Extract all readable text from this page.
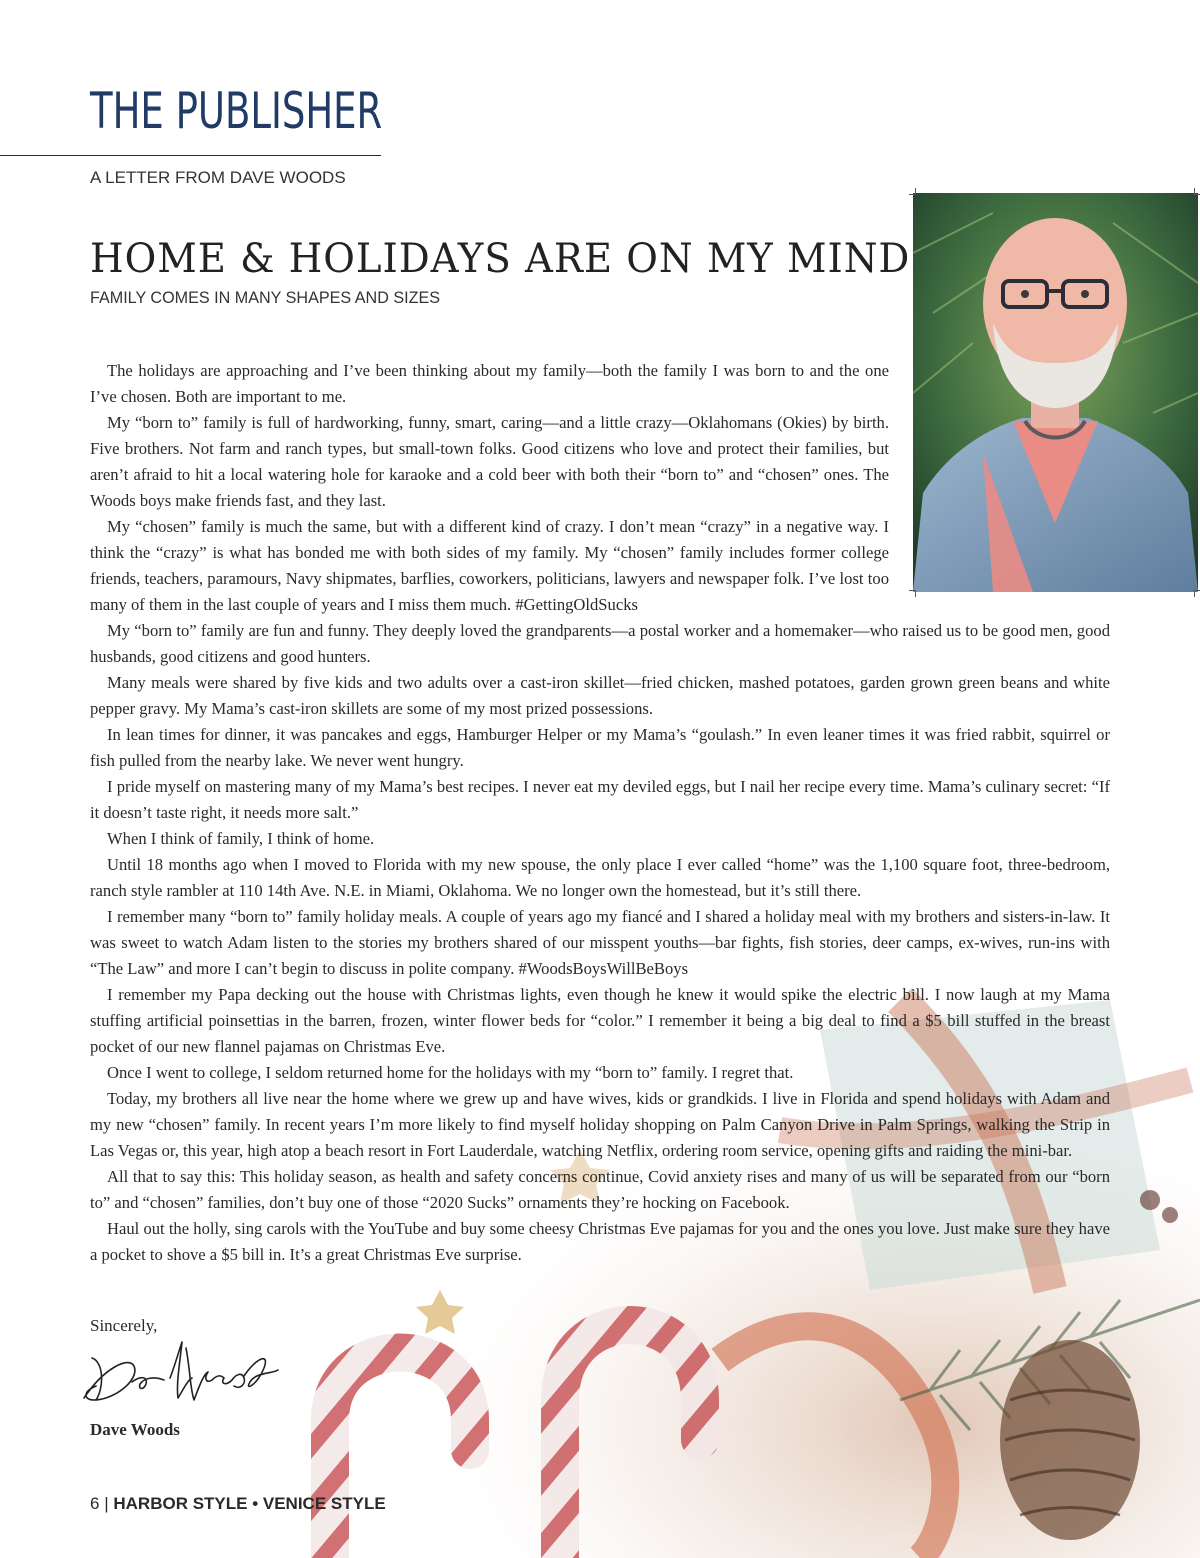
THE PUBLISHER
A LETTER FROM DAVE WOODS
HOME & HOLIDAYS ARE ON MY MIND
FAMILY COMES IN MANY SHAPES AND SIZES

The holidays are approaching and I’ve been thinking about my family—both the family I was born to and the one I’ve chosen. Both are important to me.

My “born to” family is full of hardworking, funny, smart, caring—and a little crazy—Oklahomans (Okies) by birth. Five brothers. Not farm and ranch types, but small-town folks. Good citizens who love and protect their families, but aren’t afraid to hit a local watering hole for karaoke and a cold beer with both their “born to” and “chosen” ones. The Woods boys make friends fast, and they last.

My “chosen” family is much the same, but with a different kind of crazy. I don’t mean “crazy” in a negative way. I think the “crazy” is what has bonded me with both sides of my family. My “chosen” family includes former college friends, teachers, paramours, Navy shipmates, barflies, coworkers, politicians, lawyers and newspaper folk. I’ve lost too many of them in the last couple of years and I miss them much. #GettingOldSucks

My “born to” family are fun and funny. They deeply loved the grandparents—a postal worker and a homemaker—who raised us to be good men, good husbands, good citizens and good hunters.

Many meals were shared by five kids and two adults over a cast-iron skillet—fried chicken, mashed potatoes, garden grown green beans and white pepper gravy. My Mama’s cast-iron skillets are some of my most prized possessions.

In lean times for dinner, it was pancakes and eggs, Hamburger Helper or my Mama’s “goulash.” In even leaner times it was fried rabbit, squirrel or fish pulled from the nearby lake. We never went hungry.

I pride myself on mastering many of my Mama’s best recipes. I never eat my deviled eggs, but I nail her recipe every time. Mama’s culinary secret: “If it doesn’t taste right, it needs more salt.”

When I think of family, I think of home.

Until 18 months ago when I moved to Florida with my new spouse, the only place I ever called “home” was the 1,100 square foot, three-bedroom, ranch style rambler at 110 14th Ave. N.E. in Miami, Oklahoma. We no longer own the homestead, but it’s still there.

I remember many “born to” family holiday meals. A couple of years ago my fiancé and I shared a holiday meal with my brothers and sisters-in-law. It was sweet to watch Adam listen to the stories my brothers shared of our misspent youths—bar fights, fish stories, deer camps, ex-wives, run-ins with “The Law” and more I can’t begin to discuss in polite company. #WoodsBoysWillBeBoys

I remember my Papa decking out the house with Christmas lights, even though he knew it would spike the electric bill. I now laugh at my Mama stuffing artificial poinsettias in the barren, frozen, winter flower beds for “color.” I remember it being a big deal to find a $5 bill stuffed in the breast pocket of our new flannel pajamas on Christmas Eve.

Once I went to college, I seldom returned home for the holidays with my “born to” family. I regret that.

Today, my brothers all live near the home where we grew up and have wives, kids or grandkids. I live in Florida and spend holidays with Adam and my new “chosen” family. In recent years I’m more likely to find myself holiday shopping on Palm Canyon Drive in Palm Springs, walking the Strip in Las Vegas or, this year, high atop a beach resort in Fort Lauderdale, watching Netflix, ordering room service, opening gifts and raiding the mini-bar.

All that to say this: This holiday season, as health and safety concerns continue, Covid anxiety rises and many of us will be separated from our “born to” and “chosen” families, don’t buy one of those “2020 Sucks” ornaments they’re hocking on Facebook.

Haul out the holly, sing carols with the YouTube and buy some cheesy Christmas Eve pajamas for you and the ones you love. Just make sure they have a pocket to shove a $5 bill in. It’s a great Christmas Eve surprise.

Sincerely,
Dave Woods
6 | HARBOR STYLE • VENICE STYLE
